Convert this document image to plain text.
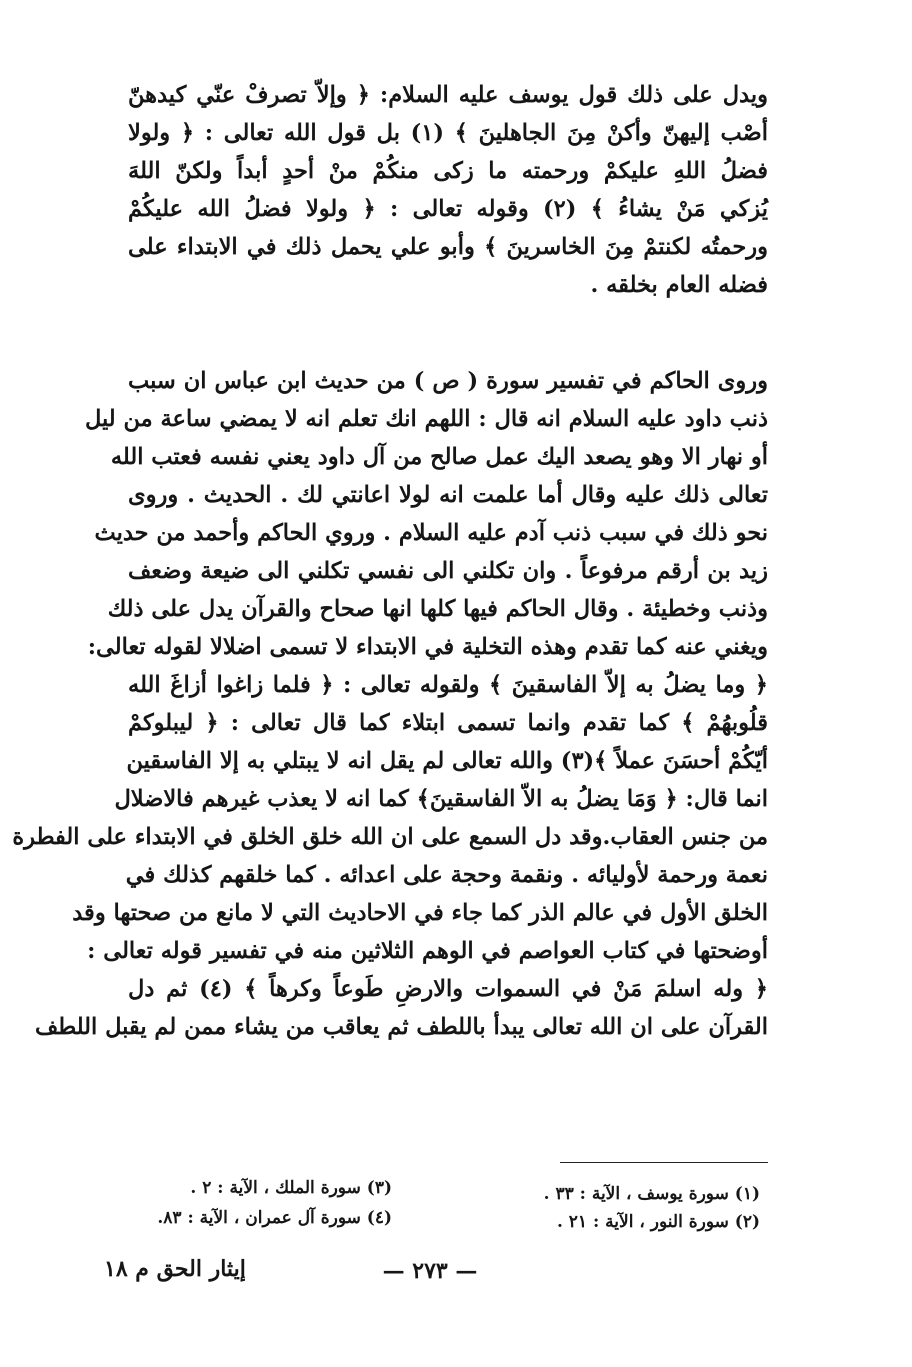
ويدل على ذلك قول يوسف عليه السلام: ﴿ وإلاّ تصرفْ عنّي كيدهنّ
أصْب إليهنّ وأكنْ مِنَ الجاهلينَ ﴾ (١) بل قول الله تعالى : ﴿ ولولا
فضلُ اللهِ عليكمْ ورحمته ما زكى منكُمْ منْ أحدٍ أبداً ولكنّ اللهَ
يُزكي مَنْ يشاءُ ﴾ (٢) وقوله تعالى : ﴿ ولولا فضلُ الله عليكُمْ
ورحمتُه لكنتمْ مِنَ الخاسرينَ ﴾ وأبو علي يحمل ذلك في الابتداء على
فضله العام بخلقه .
وروى الحاكم في تفسير سورة ( ص ) من حديث ابن عباس ان سبب
ذنب داود عليه السلام انه قال : اللهم انك تعلم انه لا يمضي ساعة من ليل
أو نهار الا وهو يصعد اليك عمل صالح من آل داود يعني نفسه فعتب الله
تعالى ذلك عليه وقال أما علمت انه لولا اعانتي لك . الحديث . وروى
نحو ذلك في سبب ذنب آدم عليه السلام . وروي الحاكم وأحمد من حديث
زيد بن أرقم مرفوعاً . وان تكلني الى نفسي تكلني الى ضيعة وضعف
وذنب وخطيئة . وقال الحاكم فيها كلها انها صحاح والقرآن يدل على ذلك
ويغني عنه كما تقدم وهذه التخلية في الابتداء لا تسمى اضلالا لقوله تعالى:
﴿ وما يضلُ به إلاّ الفاسقينَ ﴾ ولقوله تعالى : ﴿ فلما زاغوا أزاغَ الله
قلُوبهُمْ ﴾ كما تقدم وانما تسمى ابتلاء كما قال تعالى : ﴿ ليبلوكمْ
أيّكُمْ أحسَنَ عملاً ﴾(٣) والله تعالى لم يقل انه لا يبتلي به إلا الفاسقين
انما قال: ﴿ وَمَا يضلُ به الاّ الفاسقينَ﴾ كما انه لا يعذب غيرهم فالاضلال
من جنس العقاب.وقد دل السمع على ان الله خلق الخلق في الابتداء على الفطرة
نعمة ورحمة لأوليائه . ونقمة وحجة على اعدائه . كما خلقهم كذلك في
الخلق الأول في عالم الذر كما جاء في الاحاديث التي لا مانع من صحتها وقد
أوضحتها في كتاب العواصم في الوهم الثلاثين منه في تفسير قوله تعالى :
﴿ وله اسلمَ مَنْ في السموات والارضِ طَوعاً وكرهاً ﴾ (٤) ثم دل
القرآن على ان الله تعالى يبدأ باللطف ثم يعاقب من يشاء ممن لم يقبل اللطف
(١) سورة يوسف ، الآية : ٣٣ .
(٢) سورة النور ، الآية : ٢١ .
(٣) سورة الملك ، الآية : ٢ .
(٤) سورة آل عمران ، الآية : ٨٣.
— ٢٧٣ —
إيثار الحق م ١٨
